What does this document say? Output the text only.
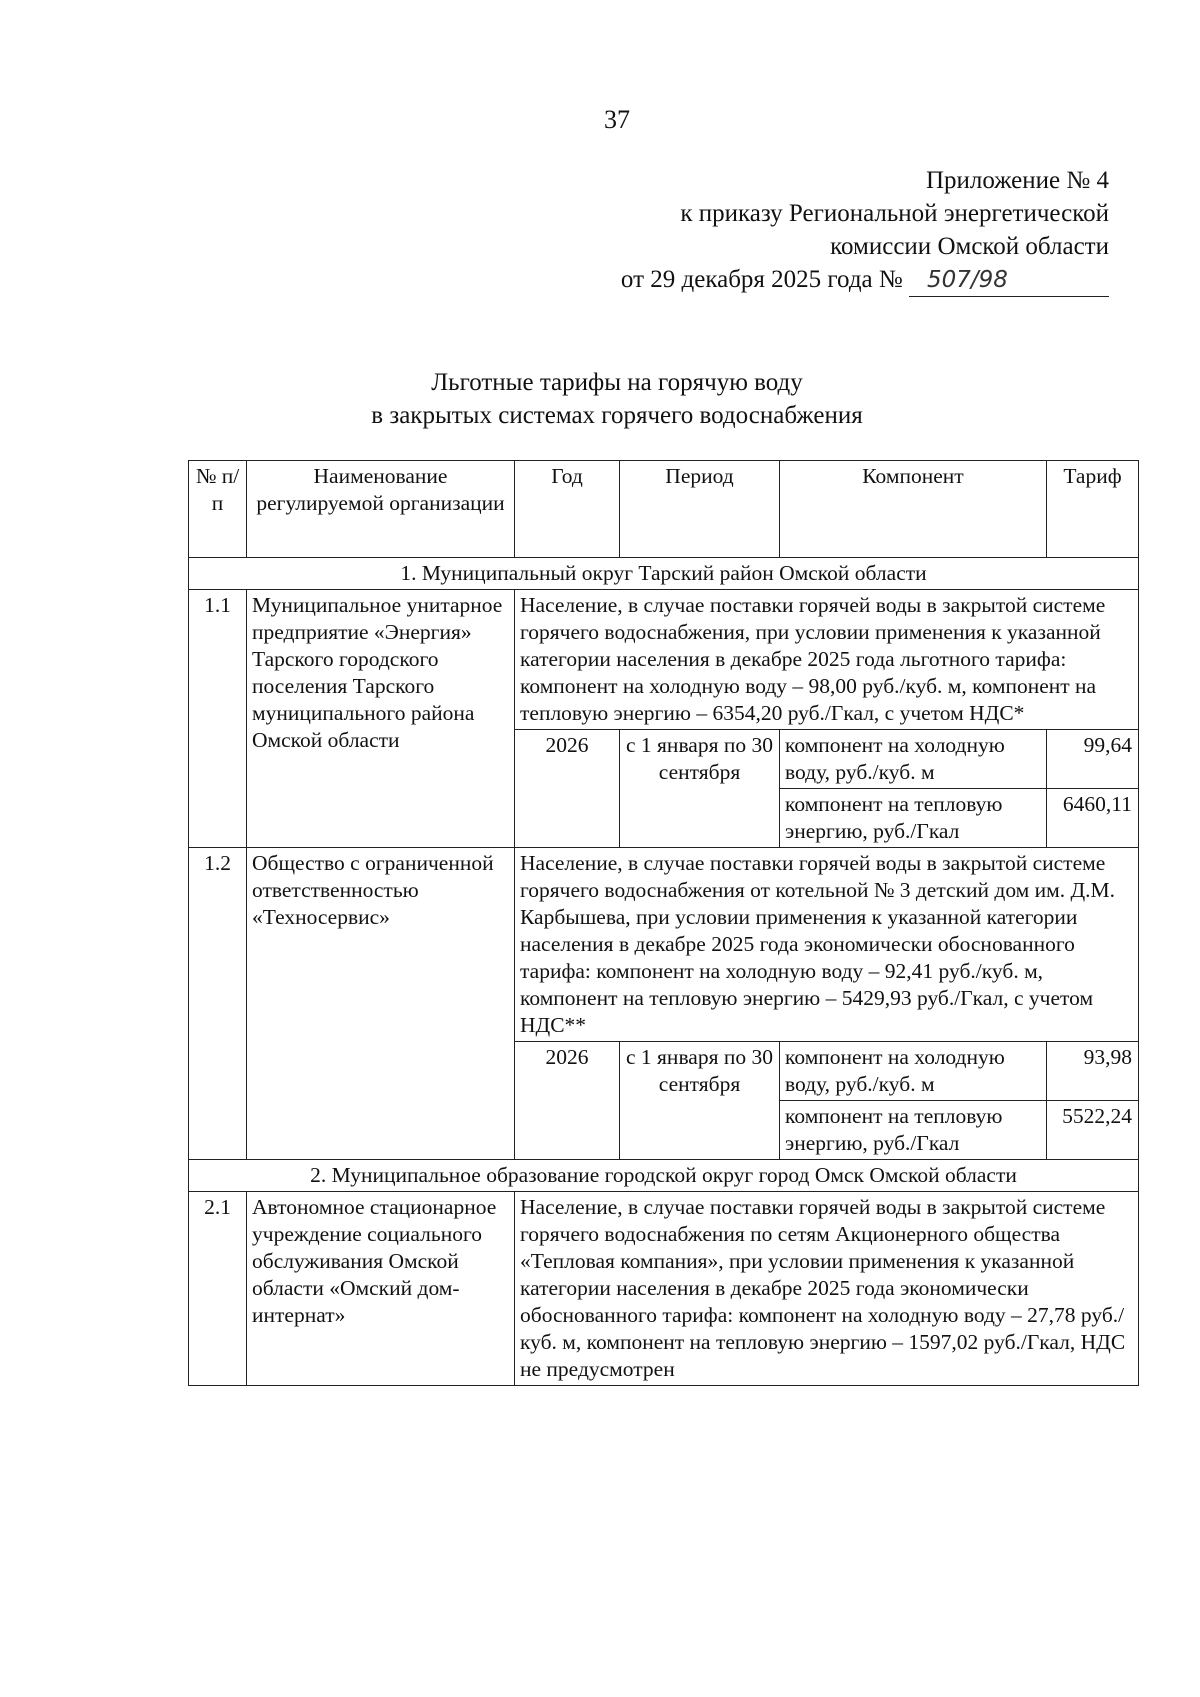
37
Приложение № 4
к приказу Региональной энергетической
комиссии Омской области
от 29 декабря 2025 года № 507/98
Льготные тарифы на горячую воду
в закрытых системах горячего водоснабжения
№ п/п	Наименование регулируемой организации	Год	Период	Компонент	Тариф
1. Муниципальный округ Тарский район Омской области					
1.1	Муниципальное унитарное предприятие «Энергия» Тарского городского поселения Тарского муниципального района Омской области	Население, в случае поставки горячей воды в закрытой системе горячего водоснабжения, при условии применения к указанной категории населения в декабре 2025 года льготного тарифа: компонент на холодную воду – 98,00 руб./куб. м, компонент на тепловую энергию – 6354,20 руб./Гкал, с учетом НДС*			
		2026	с 1 января по 30 сентября	компонент на холодную воду, руб./куб. м	99,64
				компонент на тепловую энергию, руб./Гкал	6460,11
1.2	Общество с ограниченной ответственностью «Техносервис»	Население, в случае поставки горячей воды в закрытой системе горячего водоснабжения от котельной № 3 детский дом им. Д.М. Карбышева, при условии применения к указанной категории населения в декабре 2025 года экономически обоснованного тарифа: компонент на холодную воду – 92,41 руб./куб. м, компонент на тепловую энергию – 5429,93 руб./Гкал, с учетом НДС**			
		2026	с 1 января по 30 сентября	компонент на холодную воду, руб./куб. м	93,98
				компонент на тепловую энергию, руб./Гкал	5522,24
2. Муниципальное образование городской округ город Омск Омской области					
2.1	Автономное стационарное учреждение социального обслуживания Омской области «Омский дом-интернат»	Население, в случае поставки горячей воды в закрытой системе горячего водоснабжения по сетям Акционерного общества «Тепловая компания», при условии применения к указанной категории населения в декабре 2025 года экономически обоснованного тарифа: компонент на холодную воду – 27,78 руб./куб. м, компонент на тепловую энергию – 1597,02 руб./Гкал, НДС не предусмотрен			
